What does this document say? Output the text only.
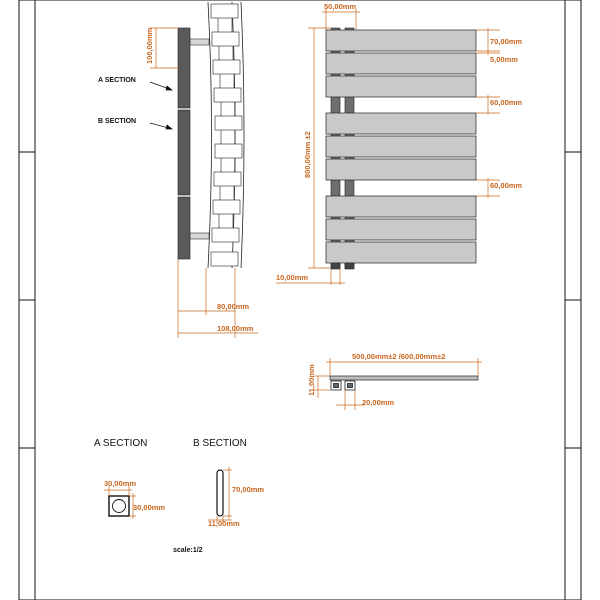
A SECTION
B SECTION
100,00mm
80,00mm
108,00mm
50,00mm
70,00mm
5,00mm
60,00mm
60,00mm
800,00mm ±2
10,00mm
500,00mm±2 /600,00mm±2
11,00mm
20,00mm
A SECTION	B SECTION
30,00mm
30,00mm
70,00mm
11,00mm
scale:1/2
